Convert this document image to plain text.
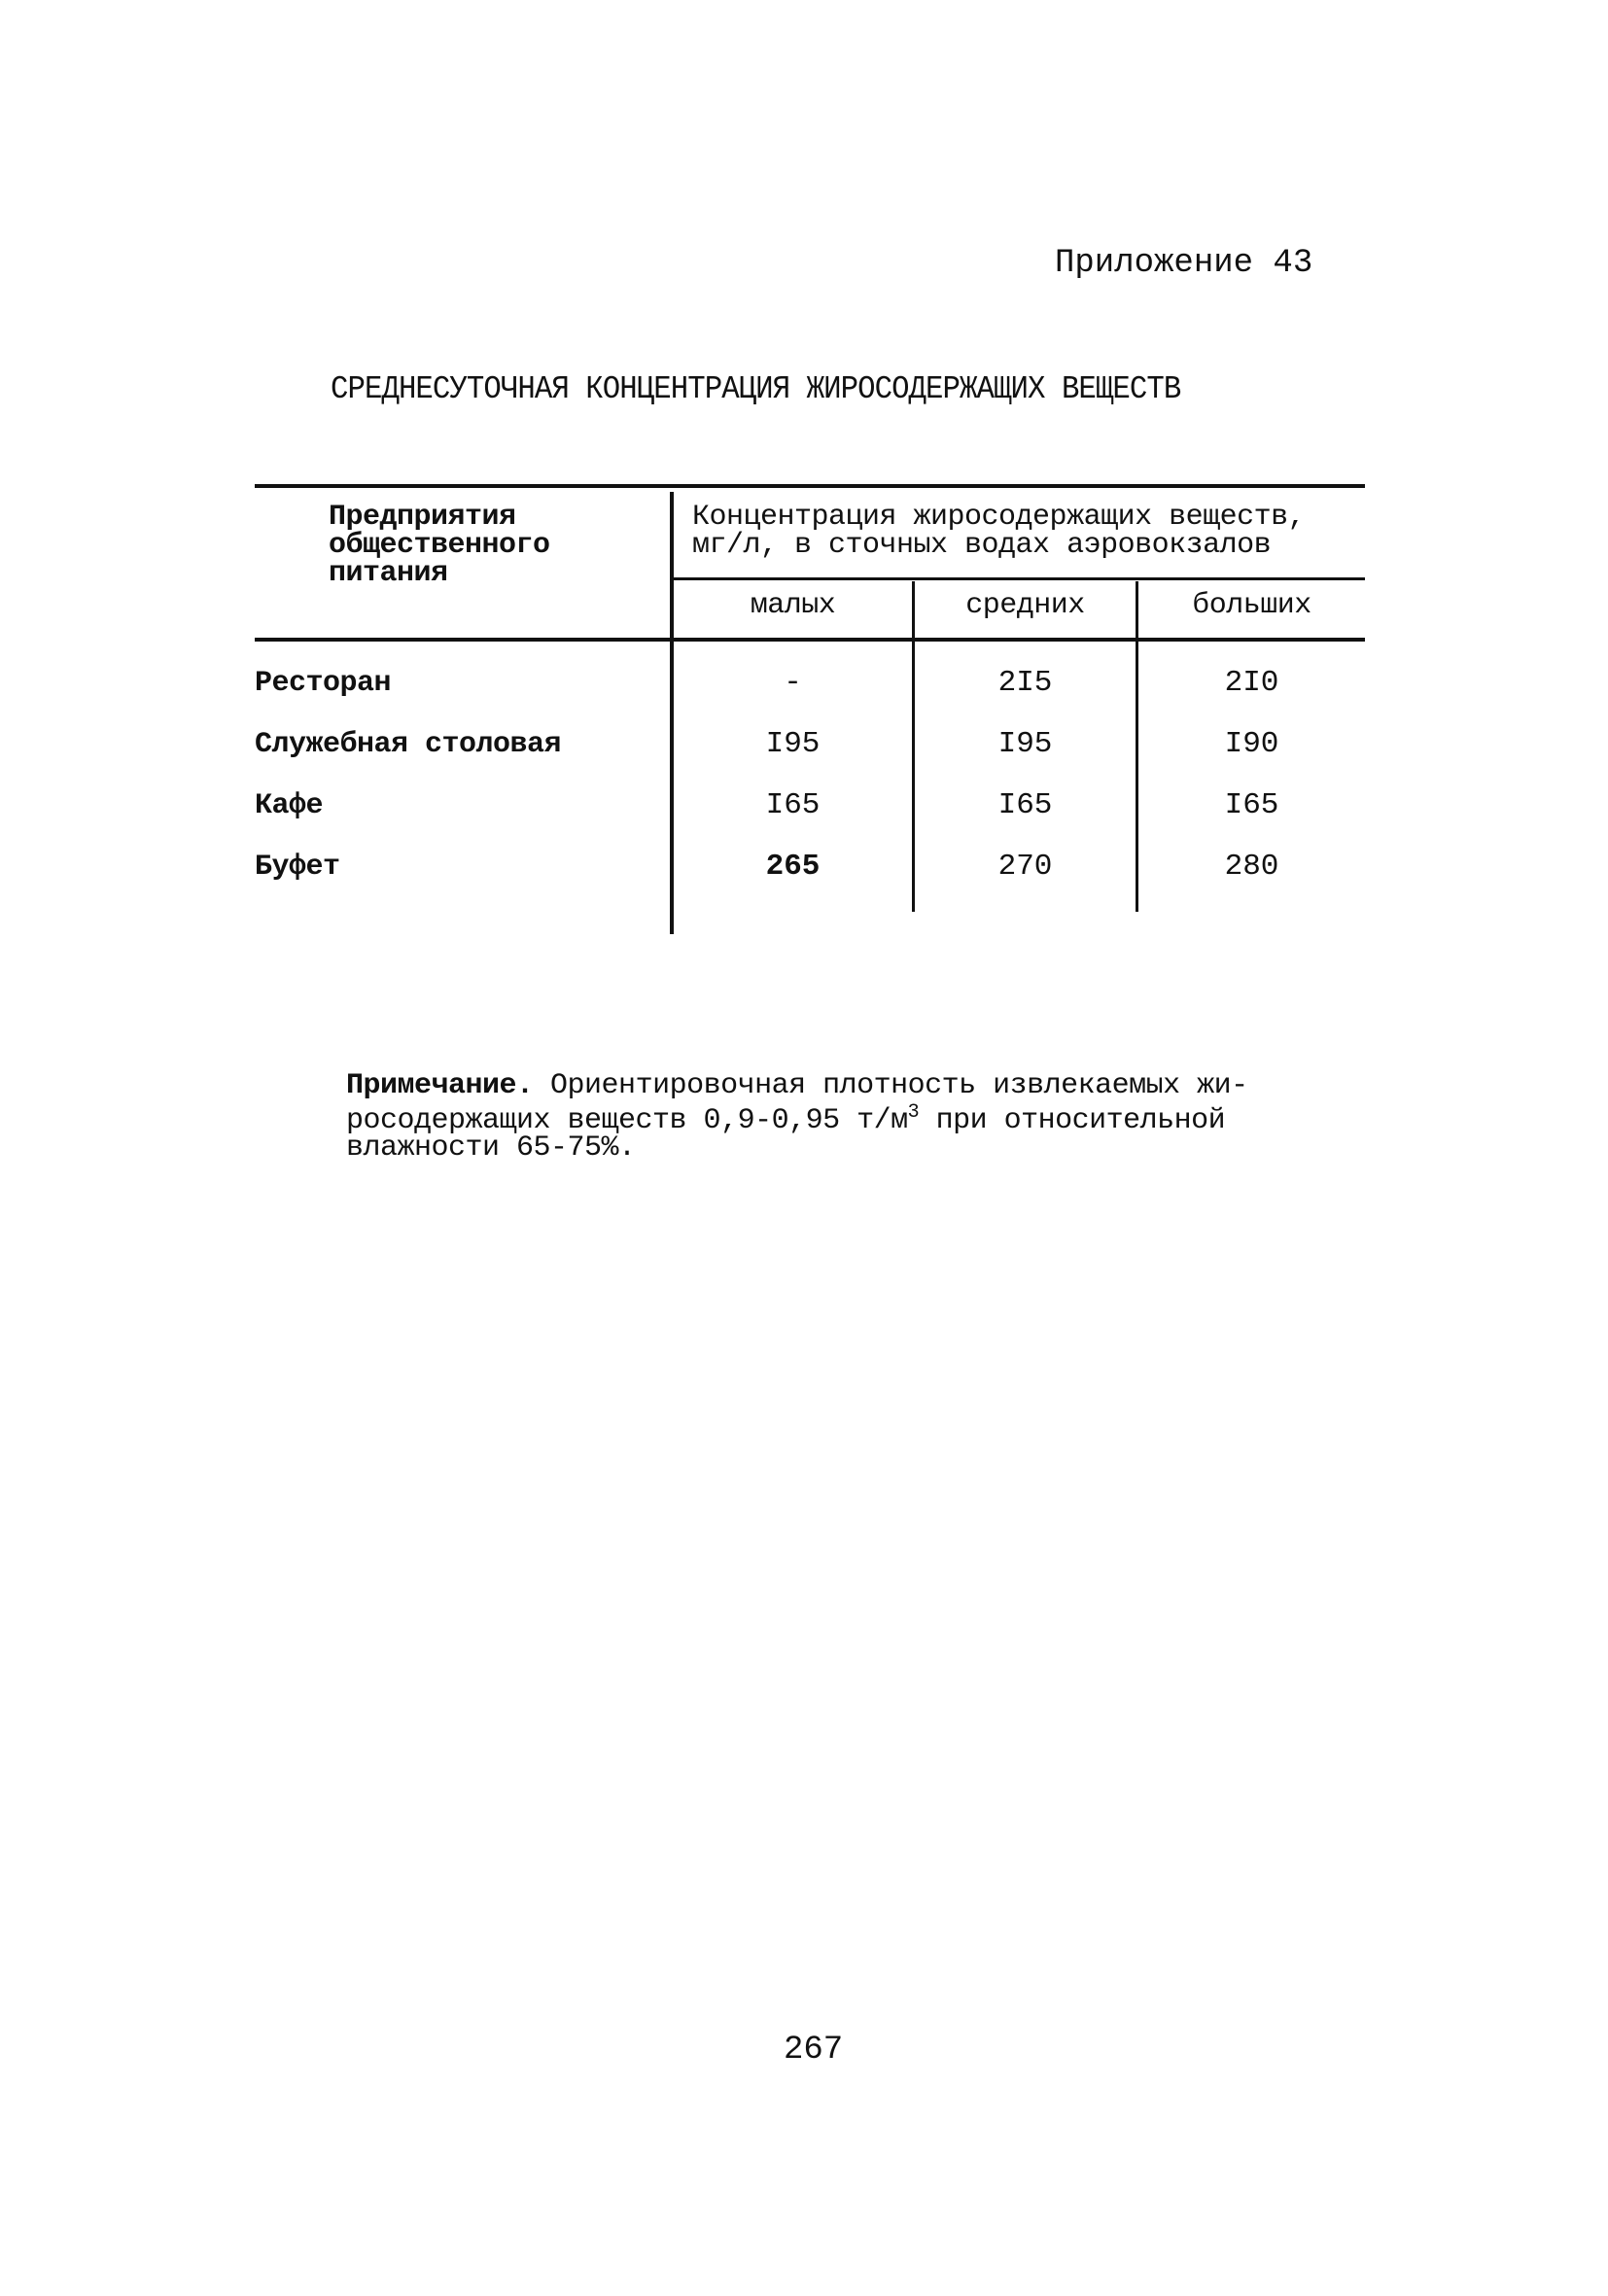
Приложение 43
СРЕДНЕСУТОЧНАЯ КОНЦЕНТРАЦИЯ ЖИРОСОДЕРЖАЩИХ ВЕЩЕСТВ
Предприятия
общественного
питания
Концентрация жиросодержащих веществ,
мг/л, в сточных водах аэровокзалов
малых	средних	больших
Ресторан	-	2I5	2I0
Служебная столовая	I95	I95	I90
Кафе	I65	I65	I65
Буфет	265	270	280
Примечание. Ориентировочная плотность извлекаемых жи-
росодержащих веществ 0,9-0,95 $т/м^3$ при относительной
влажности 65-75%.
267
